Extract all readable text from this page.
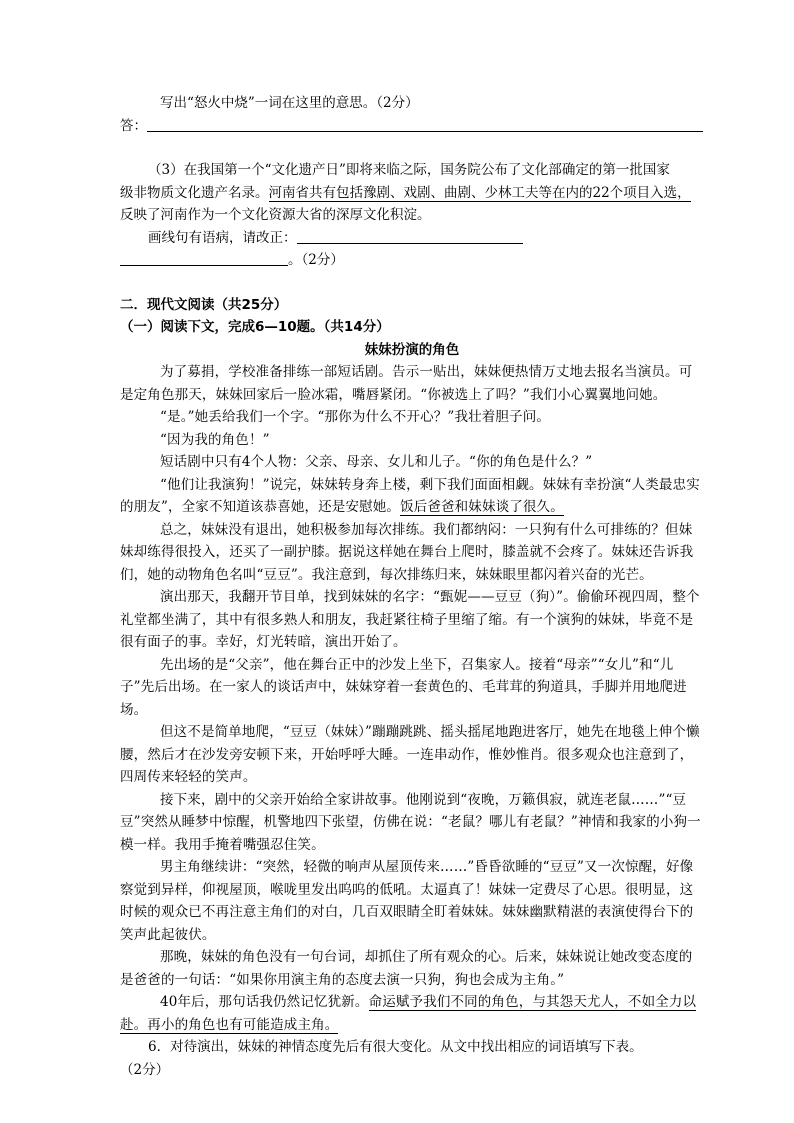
写出“怒火中烧”一词在这里的意思。（2分）

答：

（3）在我国第一个“文化遗产日”即将来临之际，国务院公布了文化部确定的第一批国家

级非物质文化遗产名录。河南省共有包括豫剧、戏剧、曲剧、少林工夫等在内的22个项目入选，

反映了河南作为一个文化资源大省的深厚文化积淀。

画线句有语病，请改正：

。（2分）

二．现代文阅读（共25分）

（一）阅读下文，完成6—10题。（共14分）

妹妹扮演的角色

为了募捐，学校准备排练一部短话剧。告示一贴出，妹妹便热情万丈地去报名当演员。可是定角色那天，妹妹回家后一脸冰霜，嘴唇紧闭。“你被选上了吗？”我们小心翼翼地问她。

“是。”她丢给我们一个字。“那你为什么不开心？”我壮着胆子问。

“因为我的角色！”

短话剧中只有4个人物：父亲、母亲、女儿和儿子。“你的角色是什么？”

“他们让我演狗！”说完，妹妹转身奔上楼，剩下我们面面相觑。妹妹有幸扮演“人类最忠实的朋友”，全家不知道该恭喜她，还是安慰她。饭后爸爸和妹妹谈了很久。

总之，妹妹没有退出，她积极参加每次排练。我们都纳闷：一只狗有什么可排练的？但妹妹却练得很投入，还买了一副护膝。据说这样她在舞台上爬时，膝盖就不会疼了。妹妹还告诉我们，她的动物角色名叫“豆豆”。我注意到，每次排练归来，妹妹眼里都闪着兴奋的光芒。

演出那天，我翻开节目单，找到妹妹的名字：“甄妮——豆豆（狗）”。偷偷环视四周，整个礼堂都坐满了，其中有很多熟人和朋友，我赶紧往椅子里缩了缩。有一个演狗的妹妹，毕竟不是很有面子的事。幸好，灯光转暗，演出开始了。

先出场的是“父亲”，他在舞台正中的沙发上坐下，召集家人。接着“母亲”“女儿”和“儿子”先后出场。在一家人的谈话声中，妹妹穿着一套黄色的、毛茸茸的狗道具，手脚并用地爬进场。

但这不是简单地爬，“豆豆（妹妹）”蹦蹦跳跳、摇头摇尾地跑进客厅，她先在地毯上伸个懒腰，然后才在沙发旁安顿下来，开始呼呼大睡。一连串动作，惟妙惟肖。很多观众也注意到了，四周传来轻轻的笑声。

接下来，剧中的父亲开始给全家讲故事。他刚说到“夜晚，万籁俱寂，就连老鼠……”“豆豆”突然从睡梦中惊醒，机警地四下张望，仿佛在说：“老鼠？哪儿有老鼠？”神情和我家的小狗一模一样。我用手掩着嘴强忍住笑。

男主角继续讲：“突然，轻微的响声从屋顶传来……”昏昏欲睡的“豆豆”又一次惊醒，好像察觉到异样，仰视屋顶，喉咙里发出呜呜的低吼。太逼真了！妹妹一定费尽了心思。很明显，这时候的观众已不再注意主角们的对白，几百双眼睛全盯着妹妹。妹妹幽默精湛的表演使得台下的笑声此起彼伏。

那晚，妹妹的角色没有一句台词，却抓住了所有观众的心。后来，妹妹说让她改变态度的是爸爸的一句话：“如果你用演主角的态度去演一只狗，狗也会成为主角。”

40年后，那句话我仍然记忆犹新。命运赋予我们不同的角色，与其怨天尤人，不如全力以赴。再小的角色也有可能造成主角。

6．对待演出，妹妹的神情态度先后有很大变化。从文中找出相应的词语填写下表。

（2分）
